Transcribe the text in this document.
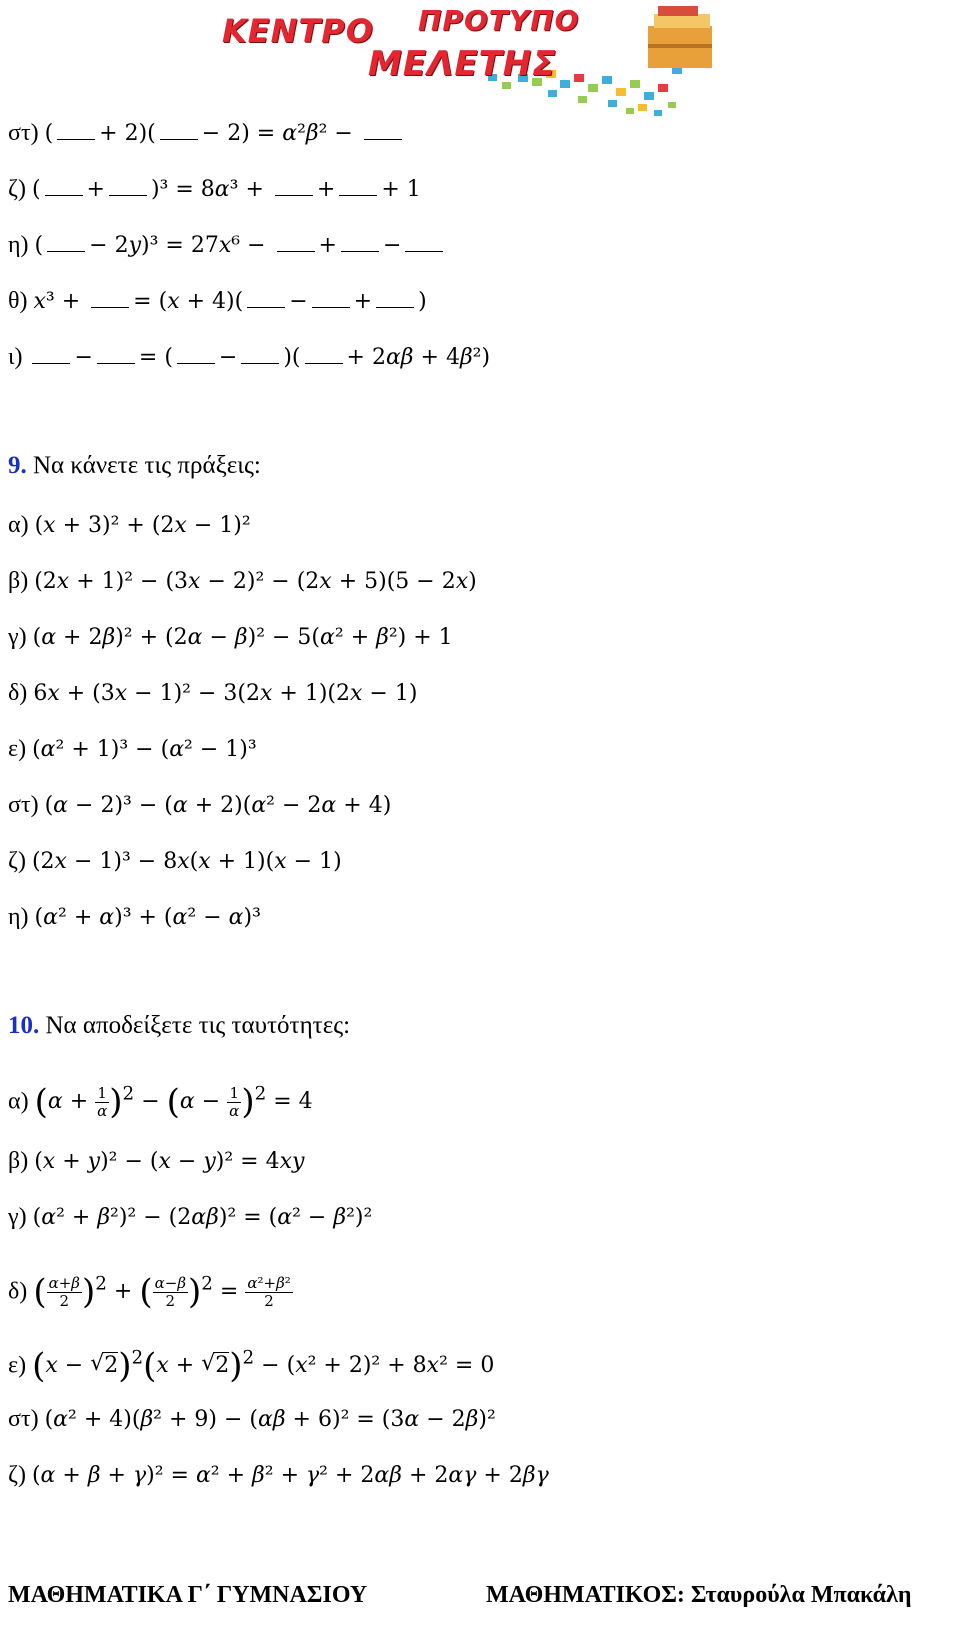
ΚΕΝΤΡΟ
ΜΕΛΕΤΗΣ
ΠΡΟΤΥΠΟ
στ) ( + 2)( − 2) = α²β² −
ζ) ( + )³ = 8α³ + + + 1
η) ( − 2y)³ = 27x⁶ − + −
θ) x³ + = (x + 4)( − + )
ι) − = ( − )( + 2αβ + 4β²)
9. Να κάνετε τις πράξεις:
α) (x + 3)² + (2x − 1)²
β) (2x + 1)² − (3x − 2)² − (2x + 5)(5 − 2x)
γ) (α + 2β)² + (2α − β)² − 5(α² + β²) + 1
δ) 6x + (3x − 1)² − 3(2x + 1)(2x − 1)
ε) (α² + 1)³ − (α² − 1)³
στ) (α − 2)³ − (α + 2)(α² − 2α + 4)
ζ) (2x − 1)³ − 8x(x + 1)(x − 1)
η) (α² + α)³ + (α² − α)³
10. Να αποδείξετε τις ταυτότητες:
α) $(\alpha + \frac{1}{\alpha} )^2 - (\alpha - \frac{1}{\alpha} )^2 = 4$
β) (x + y)² − (x − y)² = 4xy
γ) (α² + β²)² − (2αβ)² = (α² − β²)²
δ) ( $\frac{\alpha+\beta}{2} )^2$ + ( $\frac{\alpha-\beta}{2} )^2 = \frac{\text{α²+β²}}{2}$
ε) (x − √ 2)$^2$(x + √ 2)$^2$ − (x² + 2)² + 8x² = 0
στ) (α² + 4)(β² + 9) − (αβ + 6)² = (3α − 2β)²
ζ) (α + β + γ)² = α² + β² + γ² + 2αβ + 2αγ + 2βγ
ΜΑΘΗΜΑΤΙΚΑ Γ΄ ΓΥΜΝΑΣΙΟΥ	ΜΑΘΗΜΑΤΙΚΟΣ: Σταυρούλα Μπακάλη
